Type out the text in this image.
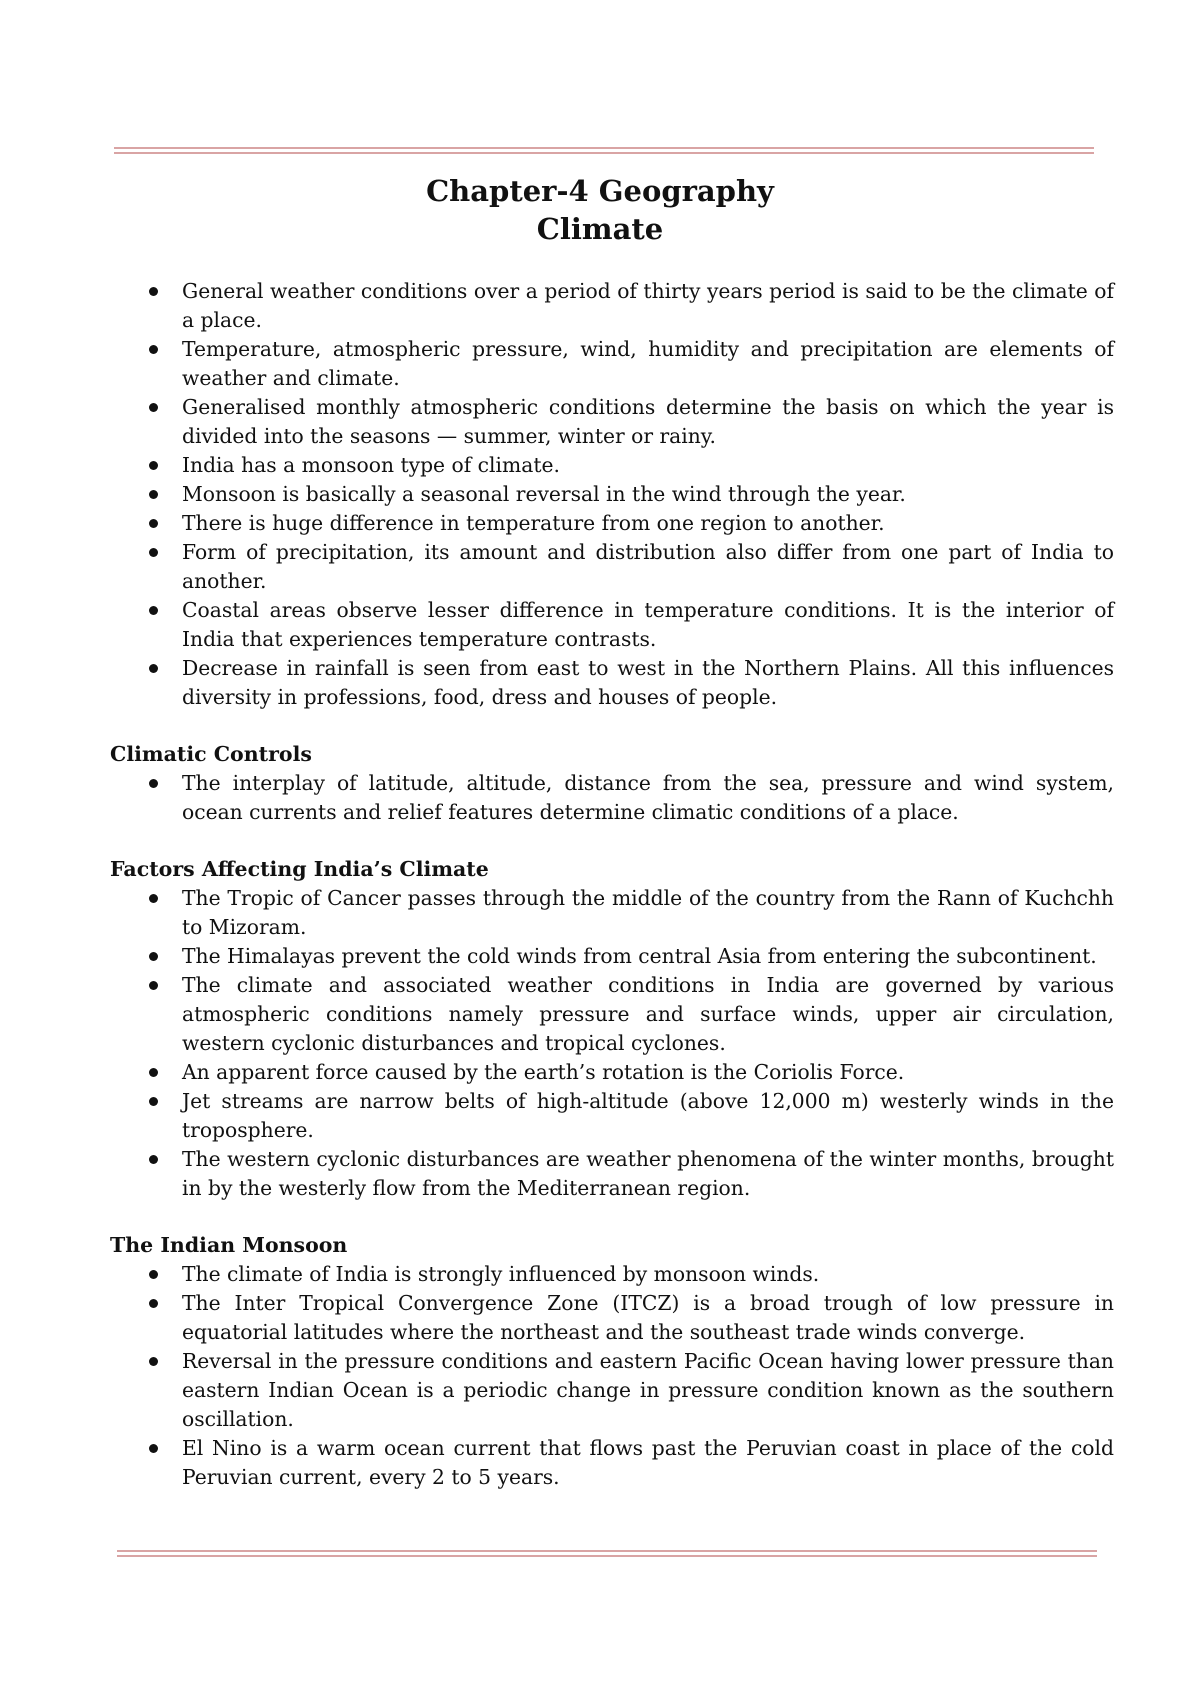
Chapter-4 Geography
Climate
General weather conditions over a period of thirty years period is said to be the climate of a place.
Temperature, atmospheric pressure, wind, humidity and precipitation are elements of weather and climate.
Generalised monthly atmospheric conditions determine the basis on which the year is divided into the seasons — summer, winter or rainy.
India has a monsoon type of climate.
Monsoon is basically a seasonal reversal in the wind through the year.
There is huge difference in temperature from one region to another.
Form of precipitation, its amount and distribution also differ from one part of India to another.
Coastal areas observe lesser difference in temperature conditions. It is the interior of India that experiences temperature contrasts.
Decrease in rainfall is seen from east to west in the Northern Plains. All this influences diversity in professions, food, dress and houses of people.
Climatic Controls
The interplay of latitude, altitude, distance from the sea, pressure and wind system, ocean currents and relief features determine climatic conditions of a place.
Factors Affecting India’s Climate
The Tropic of Cancer passes through the middle of the country from the Rann of Kuchchh to Mizoram.
The Himalayas prevent the cold winds from central Asia from entering the subcontinent.
The climate and associated weather conditions in India are governed by various atmospheric conditions namely pressure and surface winds, upper air circulation, western cyclonic disturbances and tropical cyclones.
An apparent force caused by the earth’s rotation is the Coriolis Force.
Jet streams are narrow belts of high-altitude (above 12,000 m) westerly winds in the troposphere.
The western cyclonic disturbances are weather phenomena of the winter months, brought in by the westerly flow from the Mediterranean region.
The Indian Monsoon
The climate of India is strongly influenced by monsoon winds.
The Inter Tropical Convergence Zone (ITCZ) is a broad trough of low pressure in equatorial latitudes where the northeast and the southeast trade winds converge.
Reversal in the pressure conditions and eastern Pacific Ocean having lower pressure than eastern Indian Ocean is a periodic change in pressure condition known as the southern oscillation.
El Nino is a warm ocean current that flows past the Peruvian coast in place of the cold Peruvian current, every 2 to 5 years.
